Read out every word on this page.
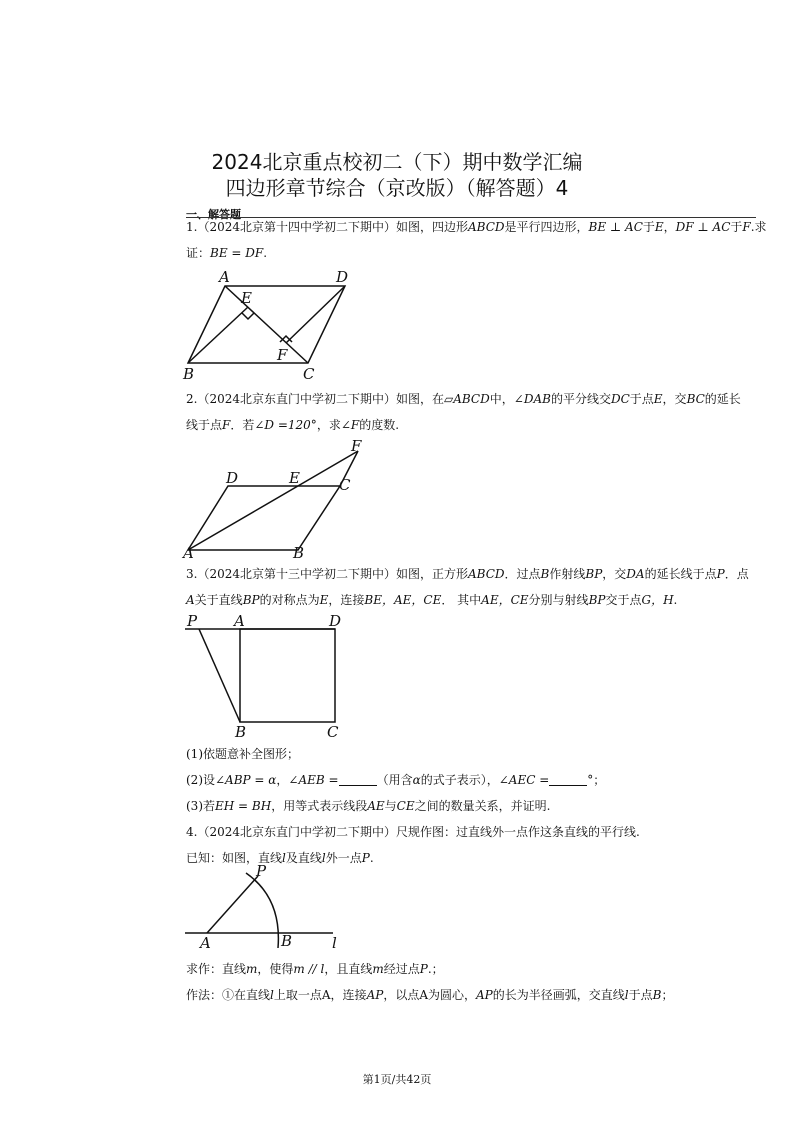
2024北京重点校初二（下）期中数学汇编
四边形章节综合（京改版）（解答题）4
一、解答题
1.（2024北京第十四中学初二下期中）如图，四边形ABCD是平行四边形，BE ⊥ AC于E，DF ⊥ AC于F.求
证：BE = DF.
A	D
E
F
B	C
2.（2024北京东直门中学初二下期中）如图，在▱ABCD中，∠DAB的平分线交DC于点E，交BC的延长
线于点F．若∠D =120°，求∠F的度数.
F
D	E	C
A	B
3.（2024北京第十三中学初二下期中）如图，正方形ABCD．过点B作射线BP，交DA的延长线于点P．点
A关于直线BP的对称点为E，连接BE，AE，CE． 其中AE，CE分别与射线BP交于点G，H.
P A	D
B	C
(1)依题意补全图形；
(2)设∠ABP = α，∠AEB =	（用含α的式子表示），∠AEC =	°；
(3)若EH = BH，用等式表示线段AE与CE之间的数量关系，并证明.
4.（2024北京东直门中学初二下期中）尺规作图：过直线外一点作这条直线的平行线.
已知：如图，直线l及直线l外一点P.
P
A	B	l
求作：直线m，使得m // l，且直线m经过点P.；
作法：①在直线l上取一点A，连接AP，以点A为圆心，AP的长为半径画弧，交直线l于点B；
第1页/共42页
